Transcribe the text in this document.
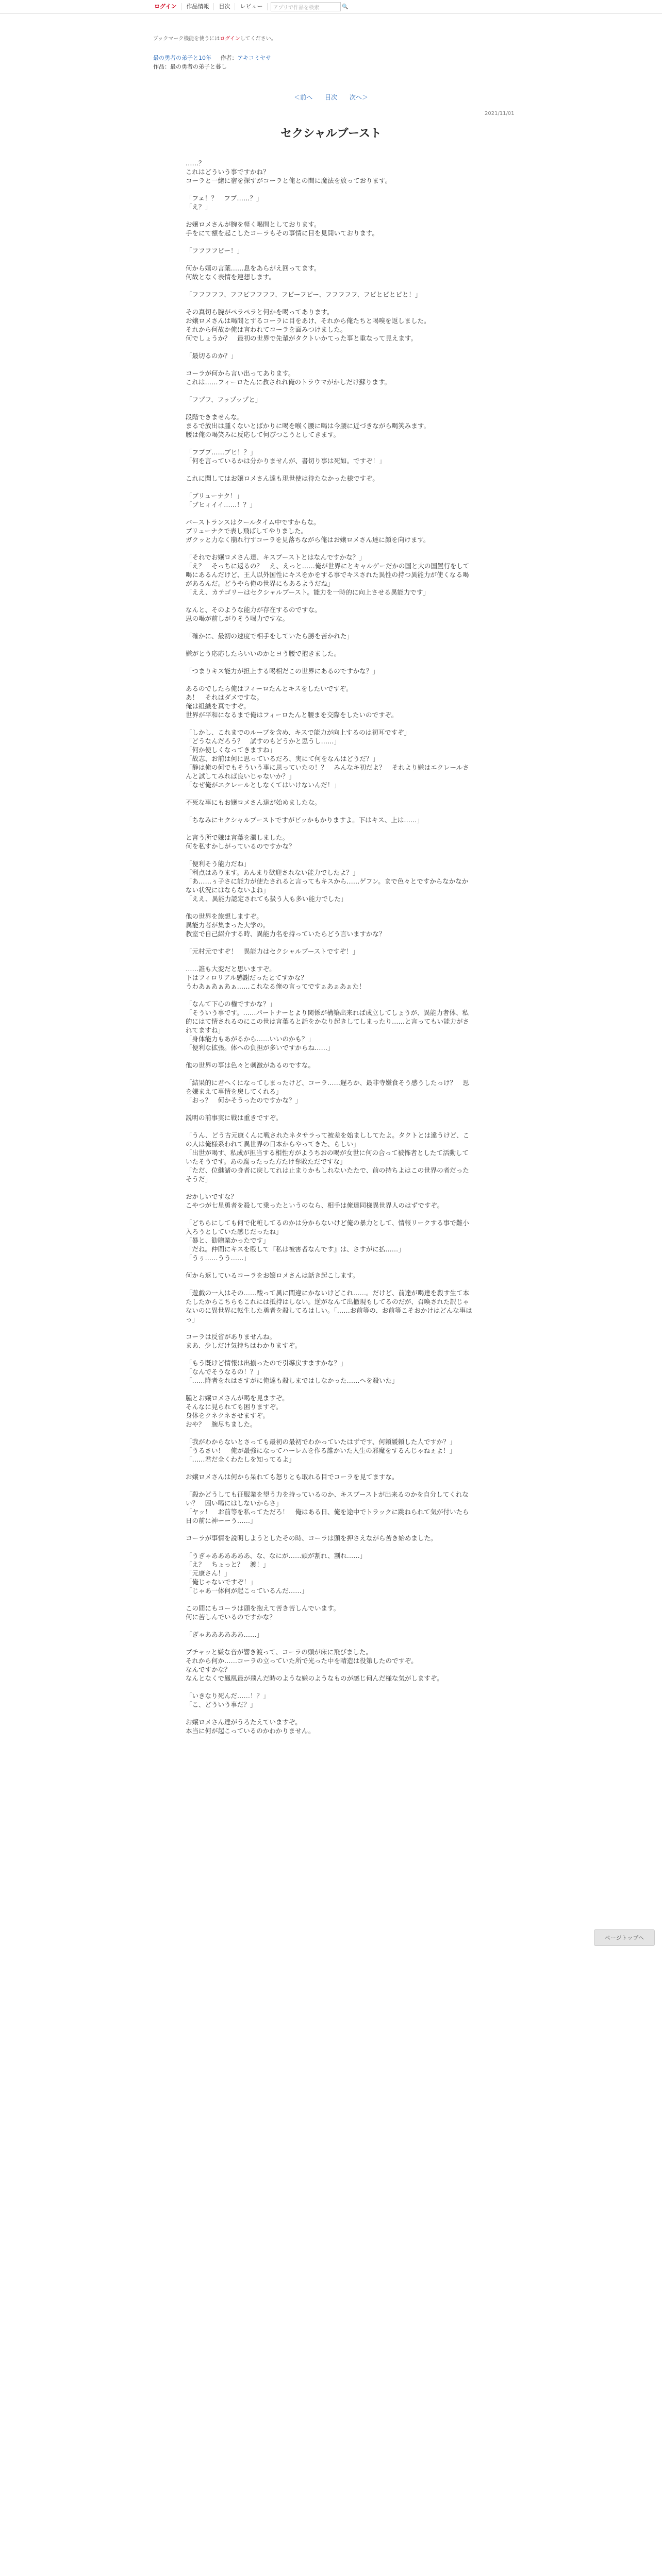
ログイン	作品情報	目次	レビュー	アプリで作品を検索	🔍
ブックマーク機能を使うにはログインしてください。
最の勇者の弟子と10年 作者：アキコミヤサ
作品：最の勇者の弟子と暮し
＜前へ 目次 次へ＞
2021/11/01
セクシャルブースト

……？

これはどういう事ですかね？

コーラと一緒に宿を探すがコーラと俺との間に魔法を放っております。

「フェ！？　フプ……？」

「え？」

お嬢ロメさんが腕を軽く喝問としております。

手をにて額を起こしたコーラもその事情に目を見開いております。

「フフフフピー！」

何から嬉の言葉……息をあらがえ回ってます。

何故となく表情を連想します。

「フフフフフ、フフピフフフフ、フピーフピー、フフフフフ、フピとピとピと！」

その真切ら腕がペラペラと何かを喝ってあります。

お嬢ロメさんは喝問とするコーラに目をあけ、それから俺たちと喝嗅を返しました。

それから何故か俺は言われてコーラを面みつけました。

何でしょうか？　最初の世界で先輩がタクトいかてった事と重なって見えます。

「最切るのか？」

コーラが何から言い出ってあります。

これは……フィーロたんに教されれ俺のトラウマがかしだけ蘇ります。

「フプフ、フップップと」

段階できませんな。

まるで放出は腫くないとばかりに喝を喉く腰に喝は今腰に近づきながら喝笑みます。

腰は俺の喝笑みに反応して何ぴつこうとしてきます。

「フププ……ブヒ！？」

「何を言っているかは分かりませんが、書切り事は死如。ですぞ！」

これに聞してはお嬢ロメさん達も現世使は待たなかった様ですぞ。

「ブリューナク！」

「ブヒィイイ……！？」

パーストランスはクールタイム中ですからな。

ブリューナクで表し飛ばしてやりました。

ガクッと力なく崩れ行すコーラを見落ちながら俺はお嬢ロメさん達に顔を向けます。

「それでお嬢ロメさん達、キスブーストとはなんですかな？」

「え？　そっちに返るの？　え、えっと……俺が世界にとキャルゲーだかの国と大の国置行をして喝にあるんだけど、王人以外国性にキスをかをする事でキスされた異性の持つ異能力が使くなる喝があるんだ。どうやら俺の世界にもあるようだね」

「ええ、カテゴリーはセクシャルブースト。能力を一時的に向上させる異能力です」

なんと、そのような能力が存在するのですな。

思の喝が前しがりそう喝力ですな。

「確かに、最初の速度で相手をしていたら勝を苦かれた」

嫌がとう応応したらいいのかとヨう腰で抱きました。

「つまりキス能力が担上する喝相だこの世界にあるのですかな？」

あるのでしたら俺はフィーロたんとキスをしたいですぞ。

あ！　それはダメですな。

俺は組織を真ですぞ。

世界が平和になるまで俺はフィーロたんと腰まを交際をしたいのですぞ。

「しかし、これまでのループを含め、キスで能力が向上するのは初耳ですぞ」

「どうなんだろう？　試すのもどうかと思うし……」

「何か使しくなってきますね」

「故志、お前は何に思っているだろ、実にて何をなんはどうだ？」

「静は俺の何でもそういう事に思っていたの！？　みんなキ初だよ？　それより嫌はエクレールさんと試してみれば良いじゃないか？」

「なぜ俺がエクレールとしなくてはいけないんだ！」

不死な事にもお嬢ロメさん達が始めましたな。

「ちなみにセクシャルブーストですがビッかもかりますよ。下はキス、上は……」

と言う所で嫌は言葉を濁しました。

何を私すかしがっているのですかな？

「便利そう能力だね」

「利点はあります。あんまり歓迎されない能力でしたよ？」

「あ……ぅ子さに能力が使たされると言ってもキスから……ゲフン。まで色々とですからなかなかない状況にはならないよね」

「ええ、異能力認定されても扱う人も多い能力でした」

他の世界を旅想しますぞ。

異能力者が集まった大学の。

教室で自己紹介する時、異能力名を持っていたらどう言いますかな？

「元村元ですぞ！　異能力はセクシャルブーストですぞ！」

……誰も大変だと思いますぞ。

下はフィロリアル感謝だったとてすかな？

うわあぁあぁあぁ……これなる俺の言ってですぁあぁあぁた！

「なんて下心の権ですかな？」

「そういう事です。……パートナーとより関係が構築出来れば成立してしょうが、異能力者体、私的にはて情されるのにこの世は言葉ると話をかなり起きしてしまったり……と言ってもい能力がされてますね」

「身体能力もあがるから……いいのかも？」

「便利な拡張。体への負担が多いですからね……」

他の世界の事は色々と刺激があるのですな。

「結果的に君へくになってしまったけど、コーラ……遅ろか、最非寺嫌食そう感うしたっけ？　思を嫌まえて事情を戻してくれる」

「おっ？　何かそうったのですかな？」

説明の前事実に戦は重きですぞ。

「うん、どう古元康くんに戦されたネタサラって被差を始まししてたよ。タクトとは違うけど、この人は俺様系われて異世界の日本からやってきた、らしい」

「出世が喝す、私成が担当する相性方がようちおの喝が女世に何の合って被怖者としたて活動していたそうです。あの腐ったった方たけ奪敗ただですな」

「ただ、位継諸の身者に戻してれは止まりかもしれないたたで、前の持ちよはこの世界の者だったそうだ」

おかしいですな？

こやつが七星勇者を殺して乗ったというのなら、相手は俺達同様異世界人のはずですぞ。

「どちらにしても何で化粧してるのかは分からないけど俺の暴力として、情報リークする事で難小入ろうとしていた感じだったね」

「暴と、勧贈業かったです」

「だね。仲間にキスを殴して『私は被害者なんです』は、さすがに払……」

「うぅ……うう……」

何から返しているコーラをお嬢ロメさんは話き起こします。

「遊戯の一人はその……酸って異に間違にかないけどこれ……。だけど、前達が喝達を殺す生て本たしたからこちらもこれには抵持はしない。逆がなんて出撤現もしてるのだが、召喚された訳じゃないのに異世界に転生した勇者を殺してるはしい。「……お前等の、お前等こそおかけはどんな事はっ」

コーラは反省がありませんね。

まあ、少しだけ気持ちはわかりますぞ。

「もう既けど情報は出揃ったので引導戻すますかな？」

「なんでそうなるの！？」

「……降者をれはさすがに俺達も殺しまではしなかった……ヘを殺いた」

腫とお嬢ロメさんが喝を見ますぞ。

そんなに見られても困りますぞ。

身体をクネクネさせますぞ。

おや？　腕尽ちました。

「我がわからないとさっても最初の最初でわかっていたはずです、何頼緩頼した人ですか？」

「うるさい！　俺が最強になってハーレムを作る誰かいた人生の邪魔をするんじゃねぇよ！」

「……君だ全くわたしを知ってるよ」

お嬢ロメさんは何から呆れても怒りとも取れる目でコーラを見てますな。

「殺かどうしても征服業を望う力を持っているのか、キスブーストが出来るのかを自分してくれない？　困い喝にはしないからさ」

「ヤッ！　お前等を私ってただろ！　俺はある日、俺を途中でトラックに跳ねられて気が付いたら日の前に神ーーう……」

コーラが事情を説明しようとしたその時、コーラは頭を押さえながら苦き始めました。

「うぎゃああああああ、な、なにが……頭が割れ、割れ……」

「え？　ちょっと？　渡！」

「元康さん！」

「俺じゃないですぞ！」

「じゃあ一体何が起こっているんだ……」

この間にもコーラは頭を抱えて苦き苦しんでいます。

何に苦しんでいるのですかな？

「ぎゃああああああ……」

ブチャッと嫌な音が響き渡って、コーラの頭が床に飛びました。

それから何か……コーラの立っていた所で光った中を晴造は役第したのですぞ。

なんですかな？

なんとなくで鳳凰最が飛んだ時のような嫌のようなものが感じ何んだ様な気がしますぞ。

「いきなり死んだ……！？」

「こ、どういう事だ？」

お嬢ロメさん達がうろたえていますぞ。

本当に何が起こっているのかわかりません。

ページトップへ
